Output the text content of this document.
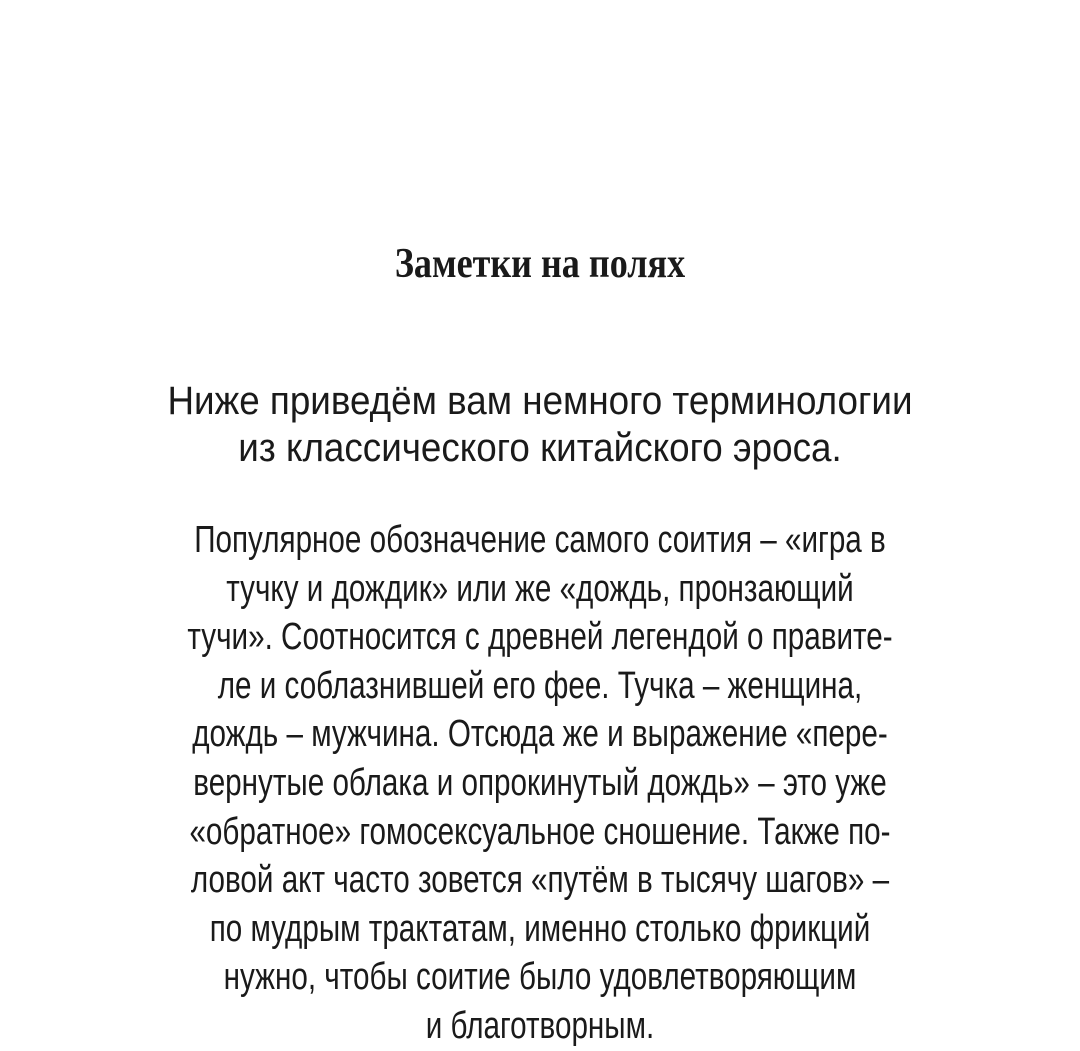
Заметки на полях
Ниже приведём вам немного терминологии
из классического китайского эроса.
Популярное обозначение самого соития – «игра в
тучку и дождик» или же «дождь, пронзающий
тучи». Соотносится с древней легендой о правите-
ле и соблазнившей его фее. Тучка – женщина,
дождь – мужчина. Отсюда же и выражение «пере-
вернутые облака и опрокинутый дождь» – это уже
«обратное» гомосексуальное сношение. Также по-
ловой акт часто зовется «путём в тысячу шагов» –
по мудрым трактатам, именно столько фрикций
нужно, чтобы соитие было удовлетворяющим
и благотворным.
